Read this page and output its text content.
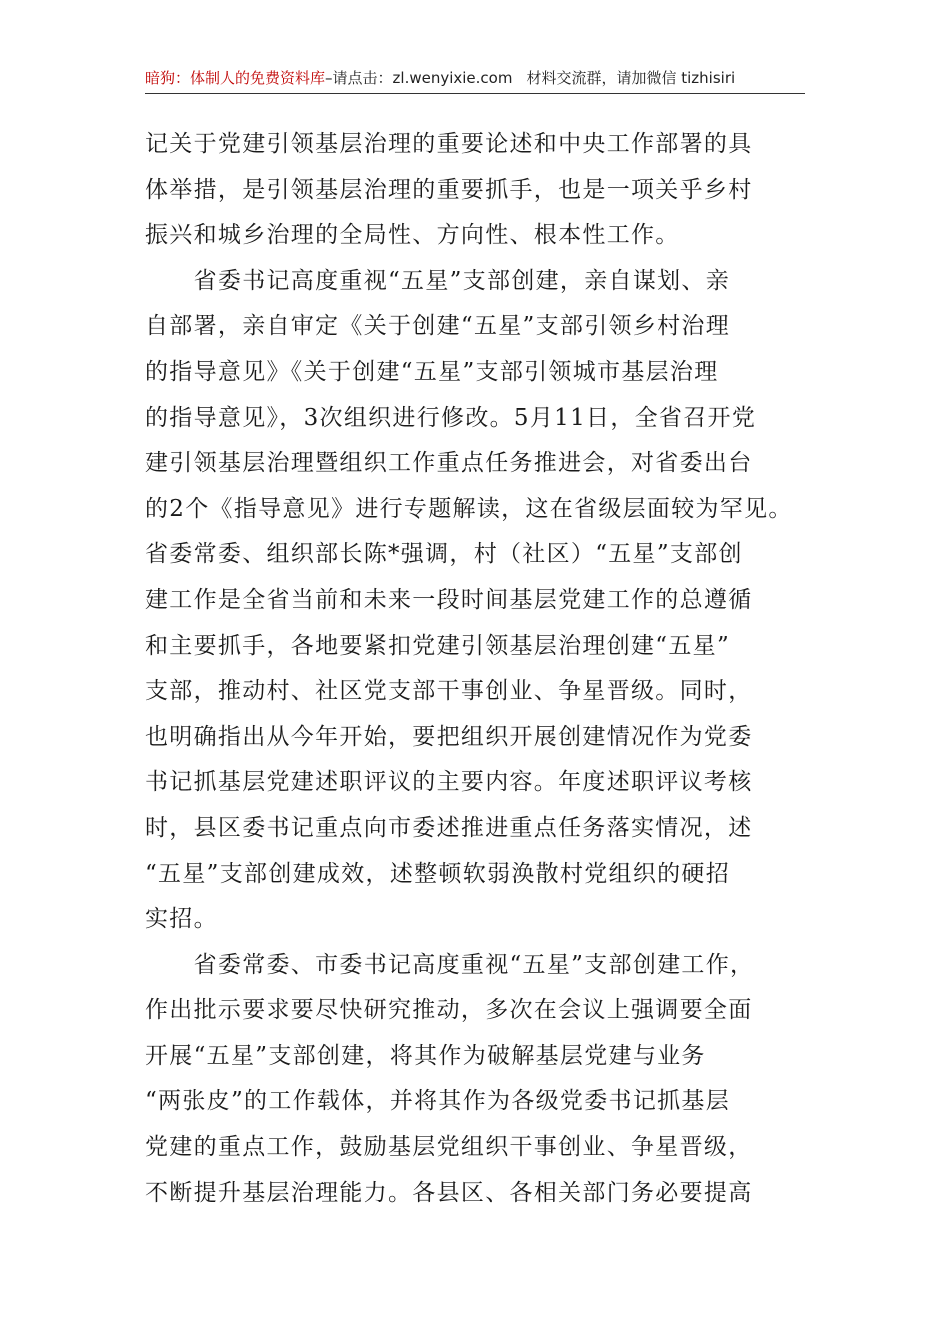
暗狗：体制人的免费资料库–请点击：zl.wenyixie.com 材料交流群，请加微信 tizhisiri
记关于党建引领基层治理的重要论述和中央工作部署的具
体举措，是引领基层治理的重要抓手，也是一项关乎乡村
振兴和城乡治理的全局性、方向性、根本性工作。
　　省委书记高度重视“五星”支部创建，亲自谋划、亲
自部署，亲自审定《关于创建“五星”支部引领乡村治理
的指导意见》《关于创建“五星”支部引领城市基层治理
的指导意见》，3次组织进行修改。5月11日，全省召开党
建引领基层治理暨组织工作重点任务推进会，对省委出台
的2个《指导意见》进行专题解读，这在省级层面较为罕见。
省委常委、组织部长陈*强调，村（社区）“五星”支部创
建工作是全省当前和未来一段时间基层党建工作的总遵循
和主要抓手，各地要紧扣党建引领基层治理创建“五星”
支部，推动村、社区党支部干事创业、争星晋级。同时，
也明确指出从今年开始，要把组织开展创建情况作为党委
书记抓基层党建述职评议的主要内容。年度述职评议考核
时，县区委书记重点向市委述推进重点任务落实情况，述
“五星”支部创建成效，述整顿软弱涣散村党组织的硬招
实招。
　　省委常委、市委书记高度重视“五星”支部创建工作，
作出批示要求要尽快研究推动，多次在会议上强调要全面
开展“五星”支部创建，将其作为破解基层党建与业务
“两张皮”的工作载体，并将其作为各级党委书记抓基层
党建的重点工作，鼓励基层党组织干事创业、争星晋级，
不断提升基层治理能力。各县区、各相关部门务必要提高
